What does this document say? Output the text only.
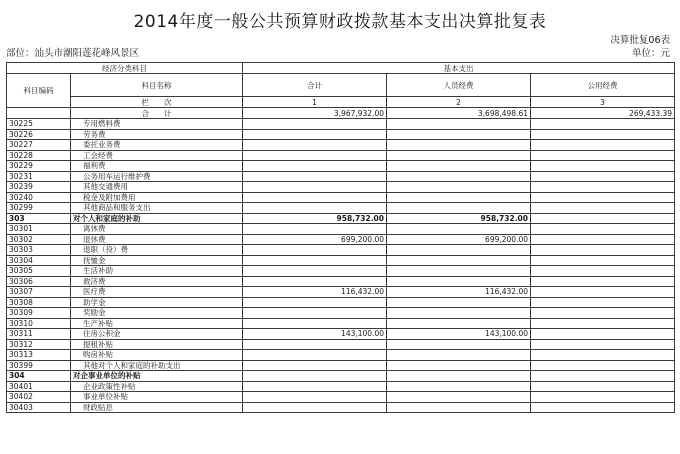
2014年度一般公共预算财政拨款基本支出决算批复表
决算批复06表
部位：汕头市潮阳莲花峰风景区	单位：元
经济分类科目		基本支出		
科目编码	科目名称	合计	人员经费	公用经费
	栏　　次	1	2	3
	合　　计	3,967,932.00	3,698,498.61	269,433.39
30225	专用燃料费			
30226	劳务费			
30227	委托业务费			
30228	工会经费			
30229	福利费			
30231	公务用车运行维护费			
30239	其他交通费用			
30240	税金及附加费用			
30299	其他商品和服务支出			
303	对个人和家庭的补助	958,732.00	958,732.00	
30301	离休费			
30302	退休费	699,200.00	699,200.00	
30303	退职（役）费			
30304	抚恤金			
30305	生活补助			
30306	救济费			
30307	医疗费	116,432.00	116,432.00	
30308	助学金			
30309	奖励金			
30310	生产补贴			
30311	住房公积金	143,100.00	143,100.00	
30312	提租补贴			
30313	购房补贴			
30399	其他对个人和家庭的补助支出			
304	对企事业单位的补贴			
30401	企业政策性补贴			
30402	事业单位补贴			
30403	财政贴息			
